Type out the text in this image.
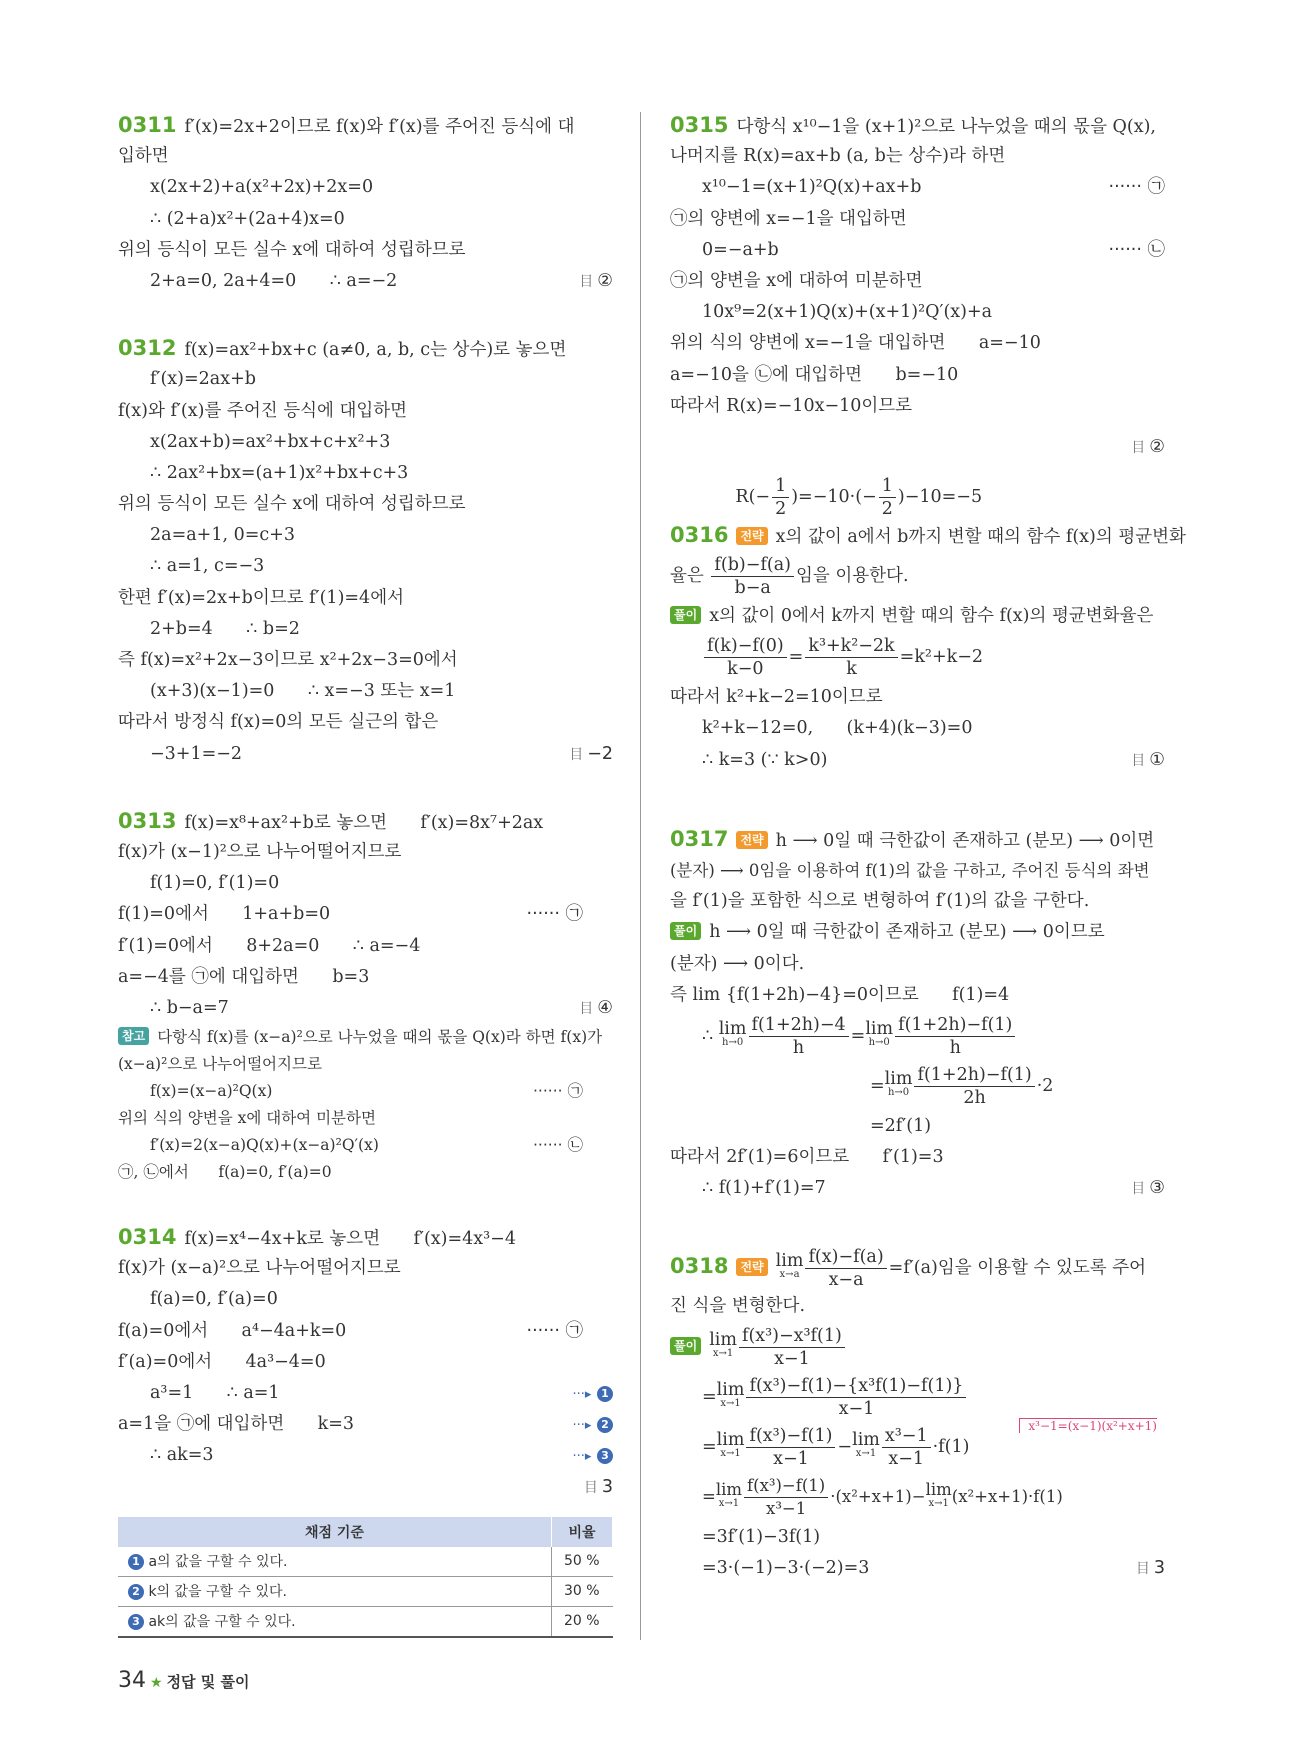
0311 f′(x)=2x+2이므로 f(x)와 f′(x)를 주어진 등식에 대
입하면
x(2x+2)+a(x²+2x)+2x=0
∴ (2+a)x²+(2a+4)x=0
위의 등식이 모든 실수 x에 대하여 성립하므로
2+a=0, 2a+4=0      ∴ a=−2	目 ②
0312 f(x)=ax²+bx+c (a≠0, a, b, c는 상수)로 놓으면
f′(x)=2ax+b
f(x)와 f′(x)를 주어진 등식에 대입하면
x(2ax+b)=ax²+bx+c+x²+3
∴ 2ax²+bx=(a+1)x²+bx+c+3
위의 등식이 모든 실수 x에 대하여 성립하므로
2a=a+1, 0=c+3
∴ a=1, c=−3
한편 f′(x)=2x+b이므로 f′(1)=4에서
2+b=4      ∴ b=2
즉 f(x)=x²+2x−3이므로 x²+2x−3=0에서
(x+3)(x−1)=0      ∴ x=−3 또는 x=1
따라서 방정식 f(x)=0의 모든 실근의 합은
−3+1=−2	目 −2
0313 f(x)=x⁸+ax²+b로 놓으면      f′(x)=8x⁷+2ax
f(x)가 (x−1)²으로 나누어떨어지므로
f(1)=0, f′(1)=0
f(1)=0에서      1+a+b=0	······ ㉠
f′(1)=0에서      8+2a=0      ∴ a=−4
a=−4를 ㉠에 대입하면      b=3
∴ b−a=7	目 ④
참고 다항식 f(x)를 (x−a)²으로 나누었을 때의 몫을 Q(x)라 하면 f(x)가
(x−a)²으로 나누어떨어지므로
f(x)=(x−a)²Q(x)	······ ㉠
위의 식의 양변을 x에 대하여 미분하면
f′(x)=2(x−a)Q(x)+(x−a)²Q′(x)	······ ㉡
㉠, ㉡에서      f(a)=0, f′(a)=0
0314 f(x)=x⁴−4x+k로 놓으면      f′(x)=4x³−4
f(x)가 (x−a)²으로 나누어떨어지므로
f(a)=0, f′(a)=0
f(a)=0에서      a⁴−4a+k=0	······ ㉠
f′(a)=0에서      4a³−4=0
a³=1      ∴ a=1	···▸ 1
a=1을 ㉠에 대입하면      k=3	···▸ 2
∴ ak=3	···▸ 3
目 3
채점 기준	비율
1 a의 값을 구할 수 있다.	50 %
2 k의 값을 구할 수 있다.	30 %
3 ak의 값을 구할 수 있다.	20 %
0315 다항식 x¹⁰−1을 (x+1)²으로 나누었을 때의 몫을 Q(x),
나머지를 R(x)=ax+b (a, b는 상수)라 하면
x¹⁰−1=(x+1)²Q(x)+ax+b	······ ㉠
㉠의 양변에 x=−1을 대입하면
0=−a+b	······ ㉡
㉠의 양변을 x에 대하여 미분하면
10x⁹=2(x+1)Q(x)+(x+1)²Q′(x)+a
위의 식의 양변에 x=−1을 대입하면      a=−10
a=−10을 ㉡에 대입하면      b=−10
따라서 R(x)=−10x−10이므로

$R(- \frac{1}{2} )=-10\cdot(- \frac{1}{2} )-10=-5$

目 ②

0316 전략 x의 값이 a에서 b까지 변할 때의 함수 f(x)의 평균변화
율은 $\frac{f(b)-f(a)}{b-a}$ 임을 이용한다.
풀이 x의 값이 0에서 k까지 변할 때의 함수 f(x)의 평균변화율은
$\frac{f(k)-f(0)}{k-0} = \frac{\text{k³+k²−2k}}{k} =k^2+k-2$
따라서 k²+k−2=10이므로
k²+k−12=0,      (k+4)(k−3)=0
∴ k=3 (∵ k>0)	目 ①
0317 전략 h ⟶ 0일 때 극한값이 존재하고 (분모) ⟶ 0이면
(분자) ⟶ 0임을 이용하여 f(1)의 값을 구하고, 주어진 등식의 좌변
을 f′(1)을 포함한 식으로 변형하여 f′(1)의 값을 구한다.
풀이 h ⟶ 0일 때 극한값이 존재하고 (분모) ⟶ 0이므로
(분자) ⟶ 0이다.
즉 lim {f(1+2h)−4}=0이므로      f(1)=4
∴ lim
$h\to 0 \frac{f(1+2h)-4}{h} =\lim$
$h\to 0 \frac{f(1+2h)-f(1)}{h}$
=lim
$h\to 0 \frac{f(1+2h)-f(1)}{2h} \cdot 2$
=2f′(1)
따라서 2f′(1)=6이므로      f′(1)=3
∴ f(1)+f′(1)=7	目 ③
0318 전략 lim
$x\to a \frac{f(x)-f(a)}{x-a} =f'(a)$임을 이용할 수 있도록 주어
진 식을 변형한다.
풀이 lim
$x\to 1 \frac{\text{f(x³)−x³f(1)}}{x-1}$
=lim
$x\to 1 \frac{\text{f(x³)−f(1)−\{x³f(1)−f(1)\}}}{x-1}$
=lim
$x\to 1 \frac{\text{f(x³)−f(1)}}{x-1} -\lim$
$x\to 1 \frac{\text{x³−1}}{x-1} \cdot f(1)$
x³−1=(x−1)(x²+x+1)
=lim
$x\to 1 \frac{\text{f(x³)−f(1)}}{\text{x³−1}} \cdot(x^2+x+1)-\lim$
x→1 (x²+x+1)·f(1)
=3f′(1)−3f(1)
=3·(−1)−3·(−2)=3	目 3
34 ★ 정답 및 풀이
